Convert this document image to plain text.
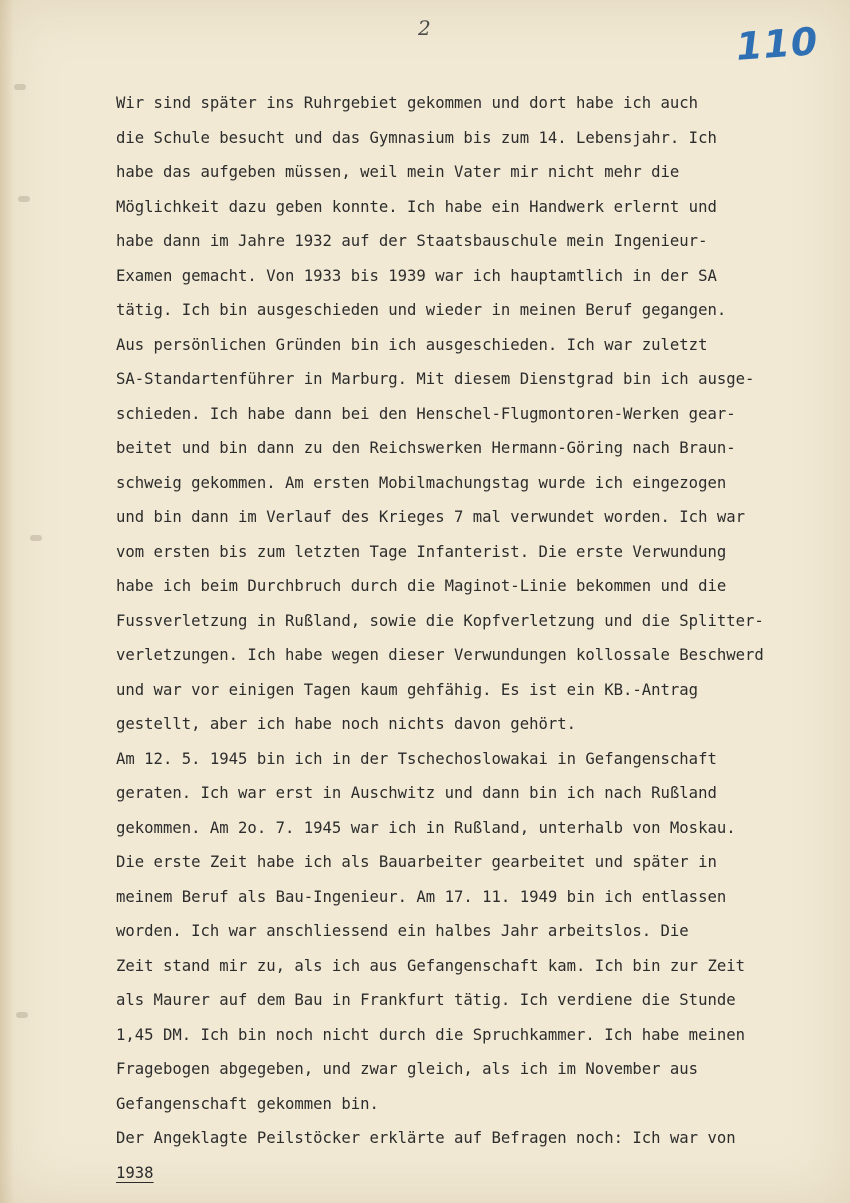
2	110
Wir sind später ins Ruhrgebiet gekommen und dort habe ich auch
die Schule besucht und das Gymnasium bis zum 14. Lebensjahr. Ich
habe das aufgeben müssen, weil mein Vater mir nicht mehr die
Möglichkeit dazu geben konnte. Ich habe ein Handwerk erlernt und
habe dann im Jahre 1932 auf der Staatsbauschule mein Ingenieur-
Examen gemacht. Von 1933 bis 1939 war ich hauptamtlich in der SA
tätig. Ich bin ausgeschieden und wieder in meinen Beruf gegangen.
Aus persönlichen Gründen bin ich ausgeschieden. Ich war zuletzt
SA-Standartenführer in Marburg. Mit diesem Dienstgrad bin ich ausge-
schieden. Ich habe dann bei den Henschel-Flugmontoren-Werken gear-
beitet und bin dann zu den Reichswerken Hermann-Göring nach Braun-
schweig gekommen. Am ersten Mobilmachungstag wurde ich eingezogen
und bin dann im Verlauf des Krieges 7 mal verwundet worden. Ich war
vom ersten bis zum letzten Tage Infanterist. Die erste Verwundung
habe ich beim Durchbruch durch die Maginot-Linie bekommen und die
Fussverletzung in Rußland, sowie die Kopfverletzung und die Splitter-
verletzungen. Ich habe wegen dieser Verwundungen kollossale Beschwerd
und war vor einigen Tagen kaum gehfähig. Es ist ein KB.-Antrag
gestellt, aber ich habe noch nichts davon gehört.
Am 12. 5. 1945 bin ich in der Tschechoslowakai in Gefangenschaft
geraten. Ich war erst in Auschwitz und dann bin ich nach Rußland
gekommen. Am 2o. 7. 1945 war ich in Rußland, unterhalb von Moskau.
Die erste Zeit habe ich als Bauarbeiter gearbeitet und später in
meinem Beruf als Bau-Ingenieur. Am 17. 11. 1949 bin ich entlassen
worden. Ich war anschliessend ein halbes Jahr arbeitslos. Die
Zeit stand mir zu, als ich aus Gefangenschaft kam. Ich bin zur Zeit
als Maurer auf dem Bau in Frankfurt tätig. Ich verdiene die Stunde
1,45 DM. Ich bin noch nicht durch die Spruchkammer. Ich habe meinen
Fragebogen abgegeben, und zwar gleich, als ich im November aus
Gefangenschaft gekommen bin.
Der Angeklagte Peilstöcker erklärte auf Befragen noch: Ich war von
1938
